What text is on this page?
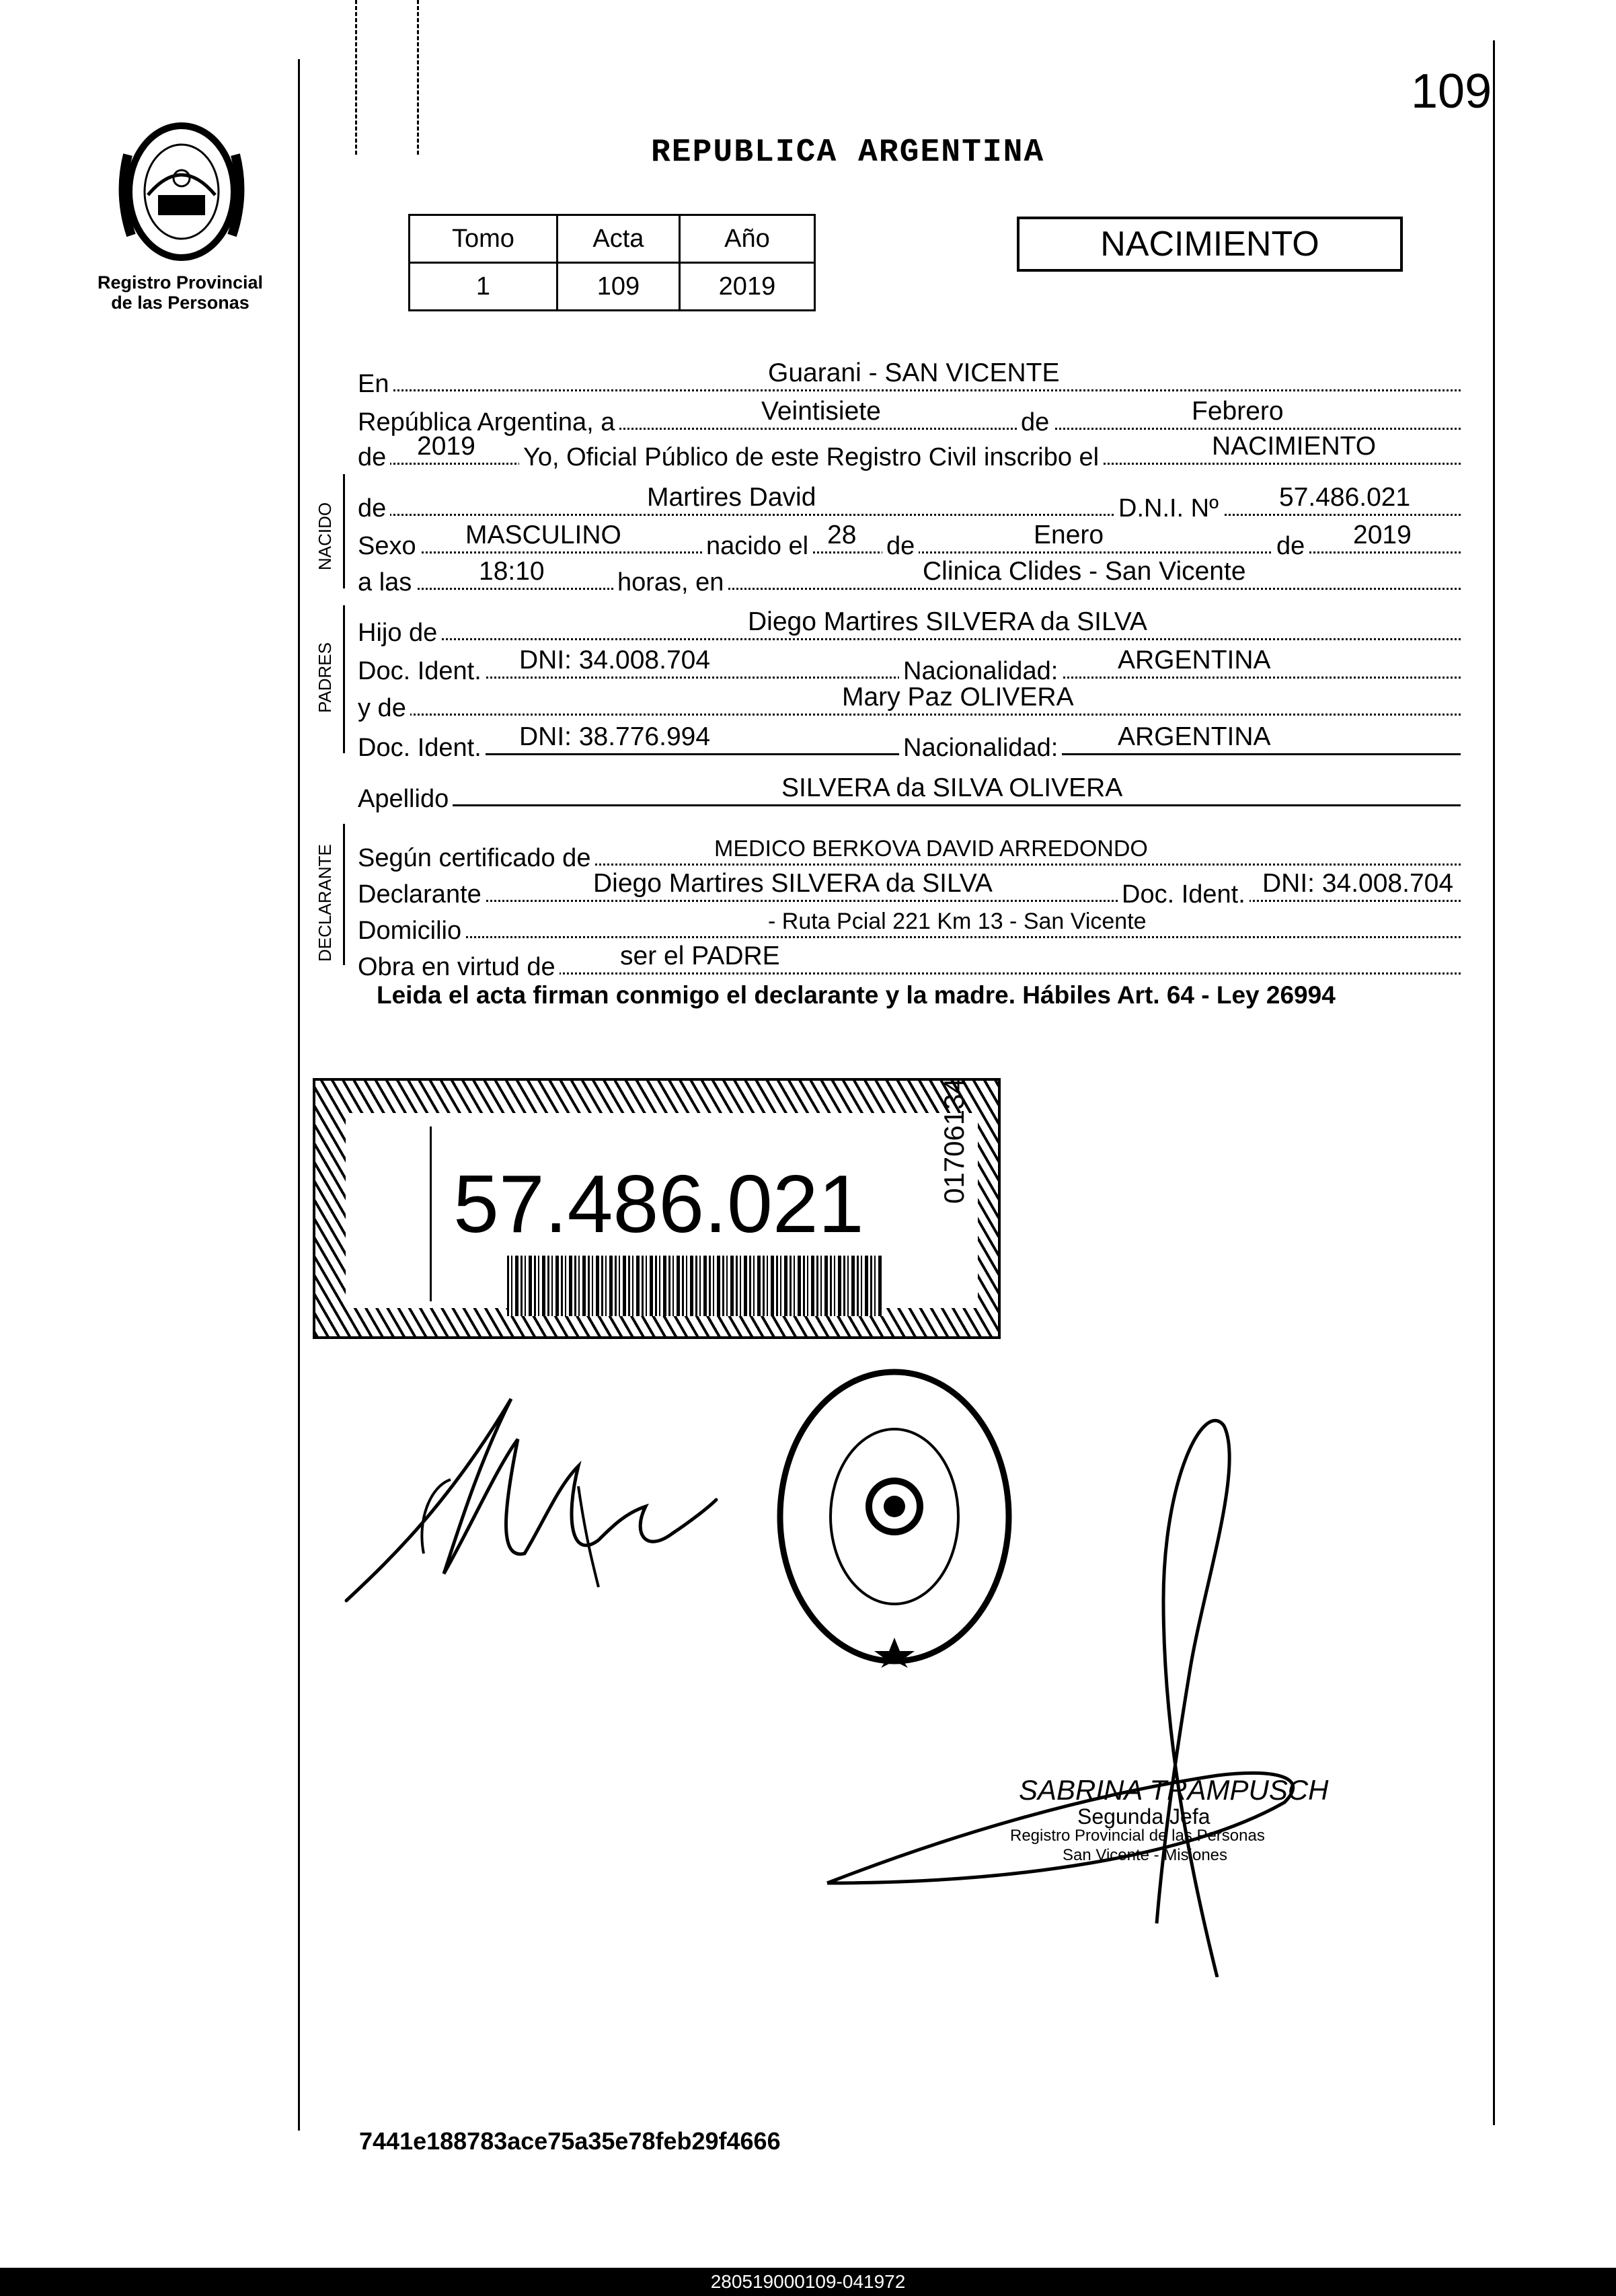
109
REPUBLICA ARGENTINA
Registro Provincial
de las Personas
Tomo	Acta	Año
1	109	2019
NACIMIENTO
NACIDO
PADRES
DECLARANTE
En	Guarani - SAN VICENTE
República Argentina, a	Veintisiete	de	Febrero
de 2019 Yo, Oficial Público de este Registro Civil inscribo el	NACIMIENTO
de	Martires David	D.N.I. Nº 57.486.021
Sexo MASCULINO	nacido el 28 de	Enero	de 2019
a las	18:10	horas, en	Clinica Clides - San Vicente
Hijo de	Diego Martires SILVERA da SILVA
Doc. Ident. DNI: 34.008.704	Nacionalidad: ARGENTINA
y de	Mary Paz OLIVERA
Doc. Ident. DNI: 38.776.994	Nacionalidad: ARGENTINA
Apellido	SILVERA da SILVA OLIVERA
Según certificado de	MEDICO BERKOVA DAVID ARREDONDO
Declarante	Diego Martires SILVERA da SILVA	Doc. Ident. DNI: 34.008.704
Domicilio	- Ruta Pcial 221 Km 13 - San Vicente
Obra en virtud de ser el PADRE
Leida el acta firman conmigo el declarante y la madre. Hábiles Art. 64 - Ley 26994
57.486.021	01706134
SABRINA TRAMPUSCH
Segunda Jefa
Registro Provincial de las Personas
San Vicente - Misiones
7441e188783ace75a35e78feb29f4666
280519000109-041972
